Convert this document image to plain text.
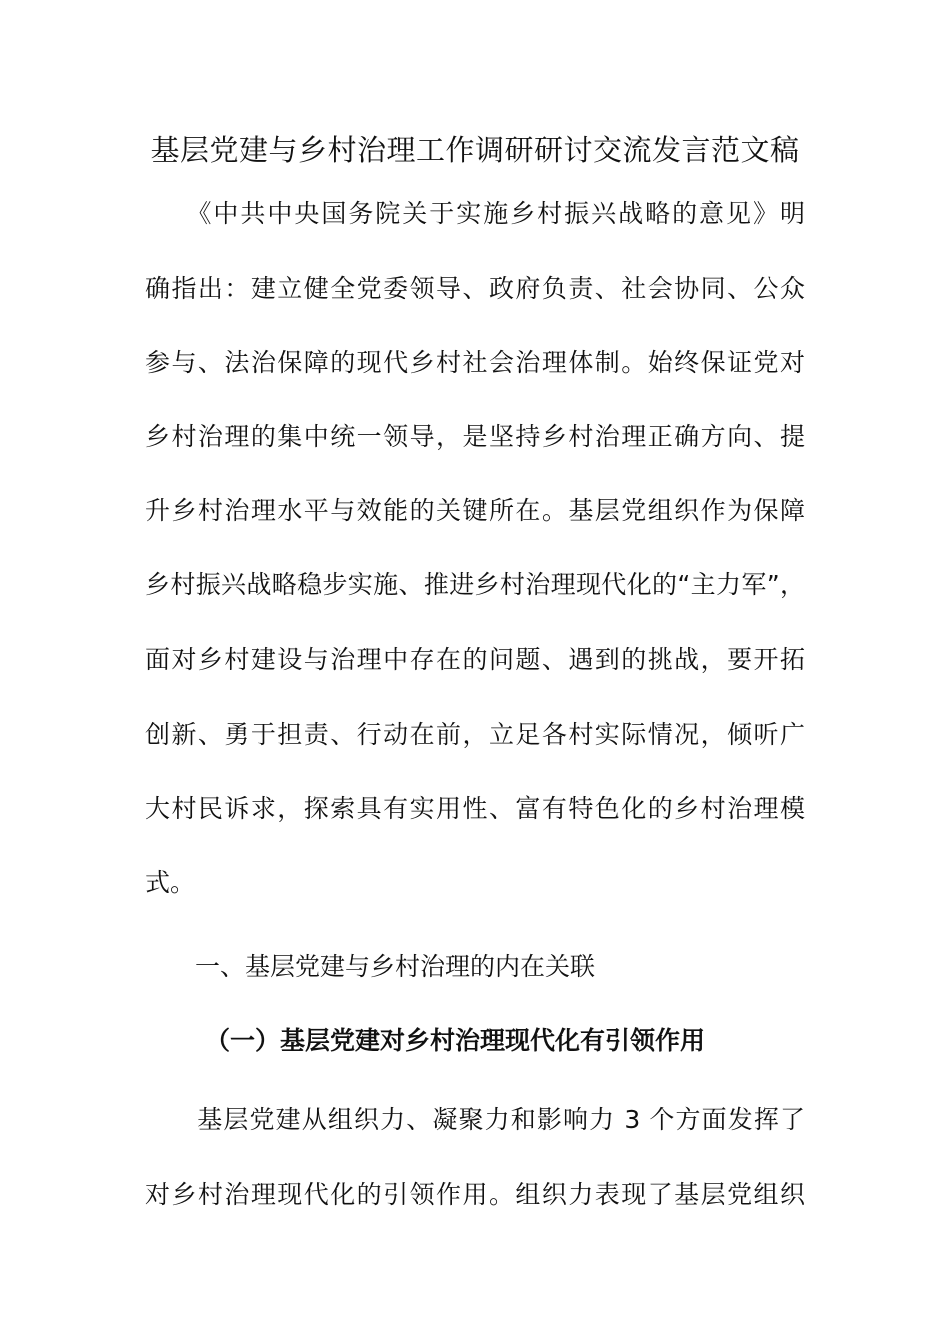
基层党建与乡村治理工作调研研讨交流发言范文稿
　　《中共中央国务院关于实施乡村振兴战略的意见》明
确指出：建立健全党委领导、政府负责、社会协同、公众
参与、法治保障的现代乡村社会治理体制。始终保证党对
乡村治理的集中统一领导，是坚持乡村治理正确方向、提
升乡村治理水平与效能的关键所在。基层党组织作为保障
乡村振兴战略稳步实施、推进乡村治理现代化的“主力军”，
面对乡村建设与治理中存在的问题、遇到的挑战，要开拓
创新、勇于担责、行动在前，立足各村实际情况，倾听广
大村民诉求，探索具有实用性、富有特色化的乡村治理模
式。
一、基层党建与乡村治理的内在关联
（一）基层党建对乡村治理现代化有引领作用
　　基层党建从组织力、凝聚力和影响力 3 个方面发挥了
对乡村治理现代化的引领作用。组织力表现了基层党组织
